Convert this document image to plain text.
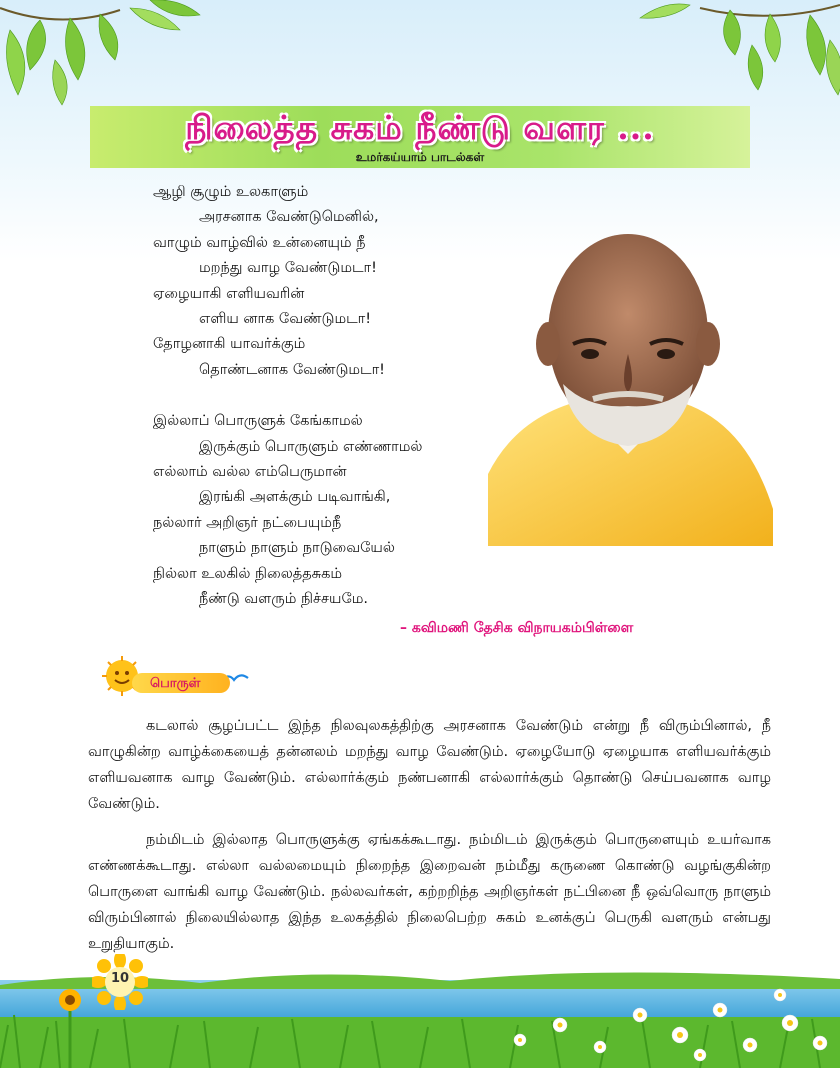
நிலைத்த சுகம் நீண்டு வளர ...
உமர்கய்யாம் பாடல்கள்
ஆழி சூழும் உலகாளும்
அரசனாக வேண்டுமெனில்,
வாழும் வாழ்வில் உன்னையும் நீ
மறந்து வாழ வேண்டுமடா!
ஏழையாகி எளியவரின்
எளிய னாக வேண்டுமடா!
தோழனாகி யாவர்க்கும்
தொண்டனாக வேண்டுமடா!
இல்லாப் பொருளுக் கேங்காமல்
இருக்கும் பொருளும் எண்ணாமல்
எல்லாம் வல்ல எம்பெருமான்
இரங்கி அளக்கும் படிவாங்கி,
நல்லார் அறிஞர் நட்பையும்நீ
நாளும் நாளும் நாடுவையேல்
நில்லா உலகில் நிலைத்தசுகம்
நீண்டு வளரும் நிச்சயமே.
– கவிமணி தேசிக விநாயகம்பிள்ளை
பொருள்

கடலால் சூழப்பட்ட இந்த நிலவுலகத்திற்கு அரசனாக வேண்டும் என்று நீ விரும்பினால், நீ வாழுகின்ற வாழ்க்கையைத் தன்னலம் மறந்து வாழ வேண்டும். ஏழையோடு ஏழையாக எளியவர்க்கும் எளியவனாக வாழ வேண்டும். எல்லார்க்கும் நண்பனாகி எல்லார்க்கும் தொண்டு செய்பவனாக வாழ வேண்டும்.

நம்மிடம் இல்லாத பொருளுக்கு ஏங்கக்கூடாது. நம்மிடம் இருக்கும் பொருளையும் உயர்வாக எண்ணக்கூடாது. எல்லா வல்லமையும் நிறைந்த இறைவன் நம்மீது கருணை கொண்டு வழங்குகின்ற பொருளை வாங்கி வாழ வேண்டும். நல்லவர்கள், கற்றறிந்த அறிஞர்கள் நட்பினை நீ ஒவ்வொரு நாளும் விரும்பினால் நிலையில்லாத இந்த உலகத்தில் நிலைபெற்ற சுகம் உனக்குப் பெருகி வளரும் என்பது உறுதியாகும்.

10
